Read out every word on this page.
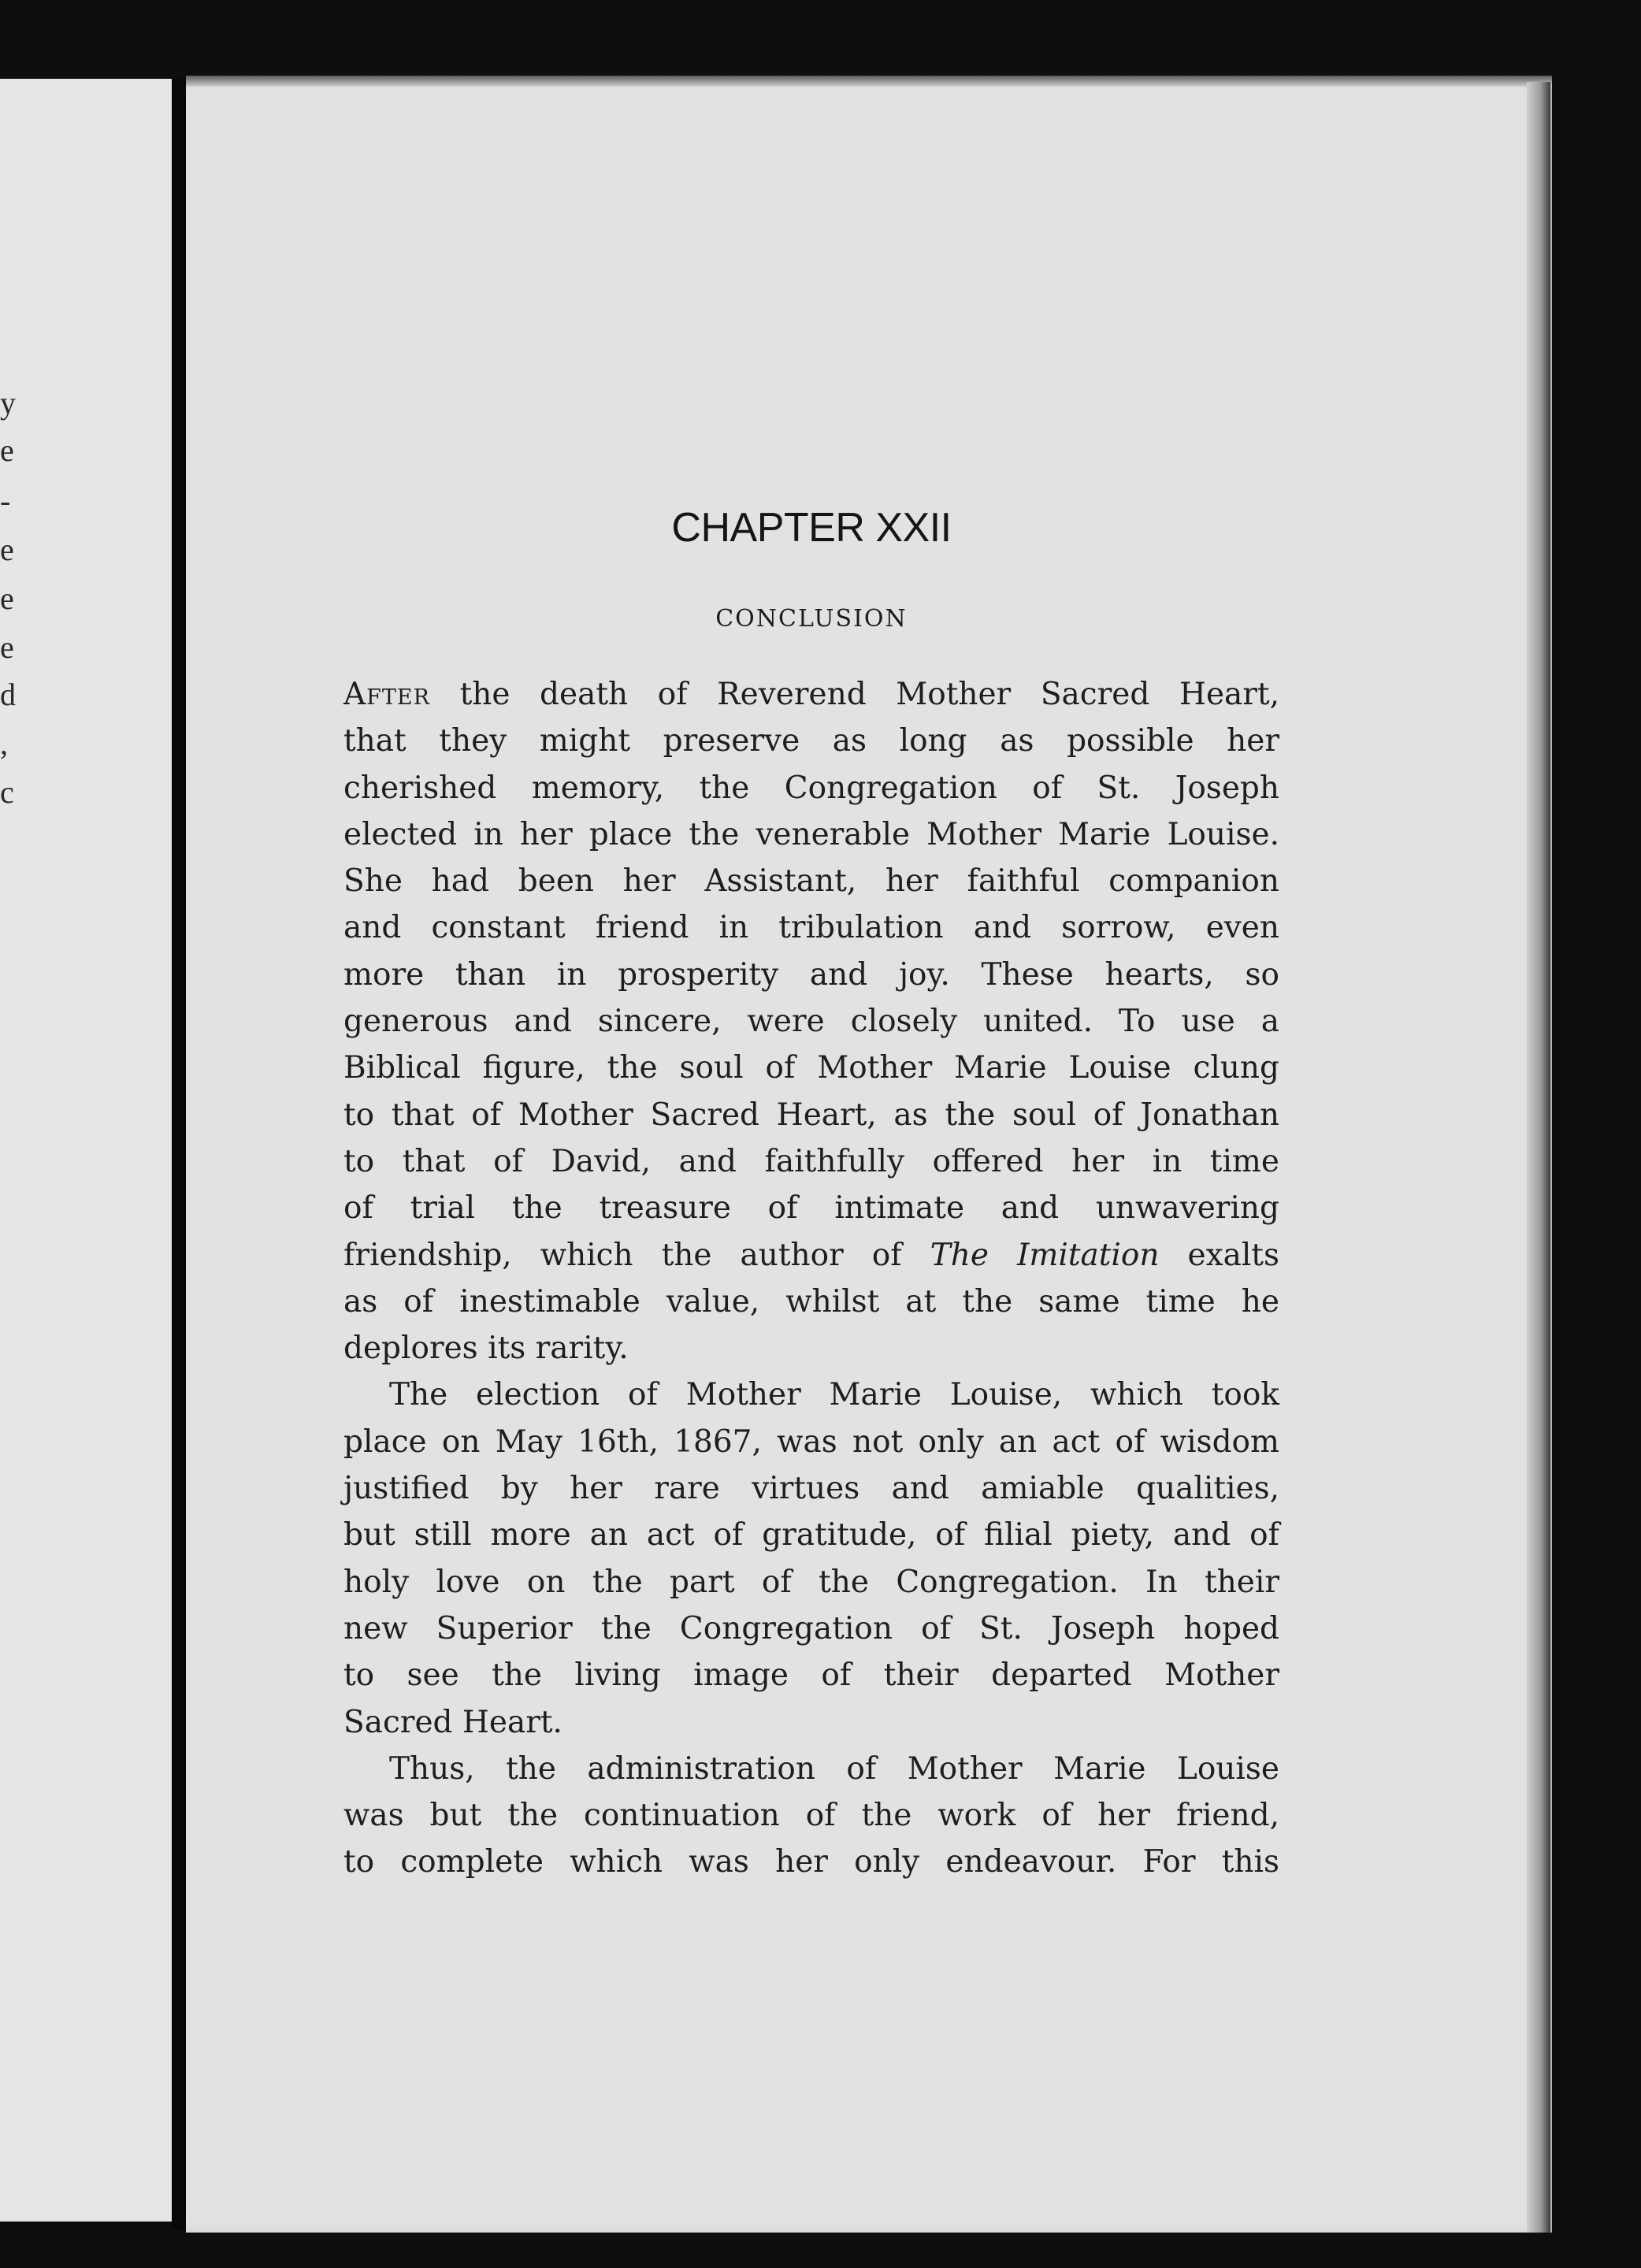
y
e
-
e
e
e
d
,
c
CHAPTER XXII
CONCLUSION
After the death of Reverend Mother Sacred Heart,
that they might preserve as long as possible her
cherished memory, the Congregation of St. Joseph
elected in her place the venerable Mother Marie Louise.
She had been her Assistant, her faithful companion
and constant friend in tribulation and sorrow, even
more than in prosperity and joy. These hearts, so
generous and sincere, were closely united. To use a
Biblical figure, the soul of Mother Marie Louise clung
to that of Mother Sacred Heart, as the soul of Jonathan
to that of David, and faithfully offered her in time
of trial the treasure of intimate and unwavering
friendship, which the author of The Imitation exalts
as of inestimable value, whilst at the same time he
deplores its rarity.
The election of Mother Marie Louise, which took
place on May 16th, 1867, was not only an act of wisdom
justified by her rare virtues and amiable qualities,
but still more an act of gratitude, of filial piety, and of
holy love on the part of the Congregation. In their
new Superior the Congregation of St. Joseph hoped
to see the living image of their departed Mother
Sacred Heart.
Thus, the administration of Mother Marie Louise
was but the continuation of the work of her friend,
to complete which was her only endeavour. For this
